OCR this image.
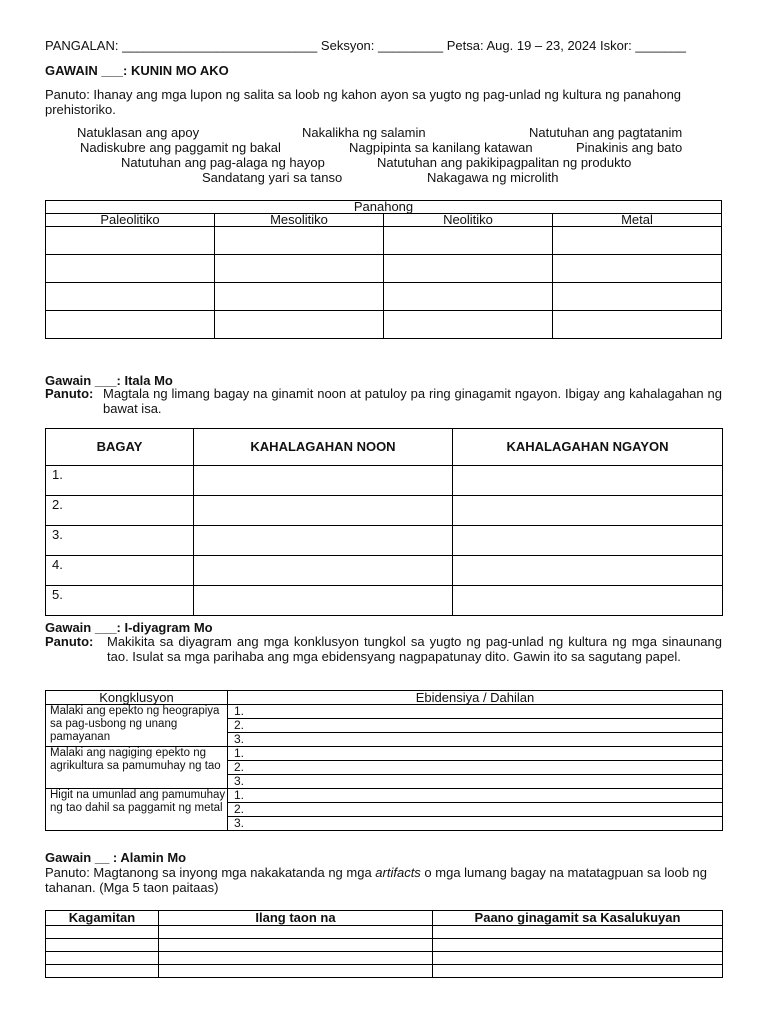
PANGALAN: ___________________________ Seksyon: _________ Petsa: Aug. 19 – 23, 2024 Iskor: _______
GAWAIN ___: KUNIN MO AKO
Panuto: Ihanay ang mga lupon ng salita sa loob ng kahon ayon sa yugto ng pag-unlad ng kultura ng panahong prehistoriko.
Natuklasan ang apoy	Nakalikha ng salamin	Natutuhan ang pagtatanim
Nadiskubre ang paggamit ng bakal	Nagpipinta sa kanilang katawan	Pinakinis ang bato
Natutuhan ang pag-alaga ng hayop	Natutuhan ang pakikipagpalitan ng produkto
Sandatang yari sa tanso	Nakagawa ng microlith
Panahong			
Paleolitiko	Mesolitiko	Neolitiko	Metal

Gawain ___: Itala Mo
Panuto: Magtala ng limang bagay na ginamit noon at patuloy pa ring ginagamit ngayon. Ibigay ang kahalagahan ng bawat isa.
BAGAY	KAHALAGAHAN NOON	KAHALAGAHAN NGAYON
1.		
2.		
3.		
4.		
5.		
Gawain ___: I-diyagram Mo
Panuto:	Makikita sa diyagram ang mga konklusyon tungkol sa yugto ng pag-unlad ng kultura ng mga sinaunang tao. Isulat sa mga parihaba ang mga ebidensyang nagpapatunay dito. Gawin ito sa sagutang papel.
Kongklusyon	Ebidensiya / Dahilan
Malaki ang epekto ng heograpiya sa pag-usbong ng unang pamayanan	1.
	2.
	3.
Malaki ang nagiging epekto ng agrikultura sa pamumuhay ng tao	1.
	2.
	3.
Higit na umunlad ang pamumuhay ng tao dahil sa paggamit ng metal	1.
	2.
	3.
Gawain __ : Alamin Mo
Panuto: Magtanong sa inyong mga nakakatanda ng mga artifacts o mga lumang bagay na matatagpuan sa loob ng tahanan. (Mga 5 taon paitaas)
Kagamitan	Ilang taon na	Paano ginagamit sa Kasalukuyan
